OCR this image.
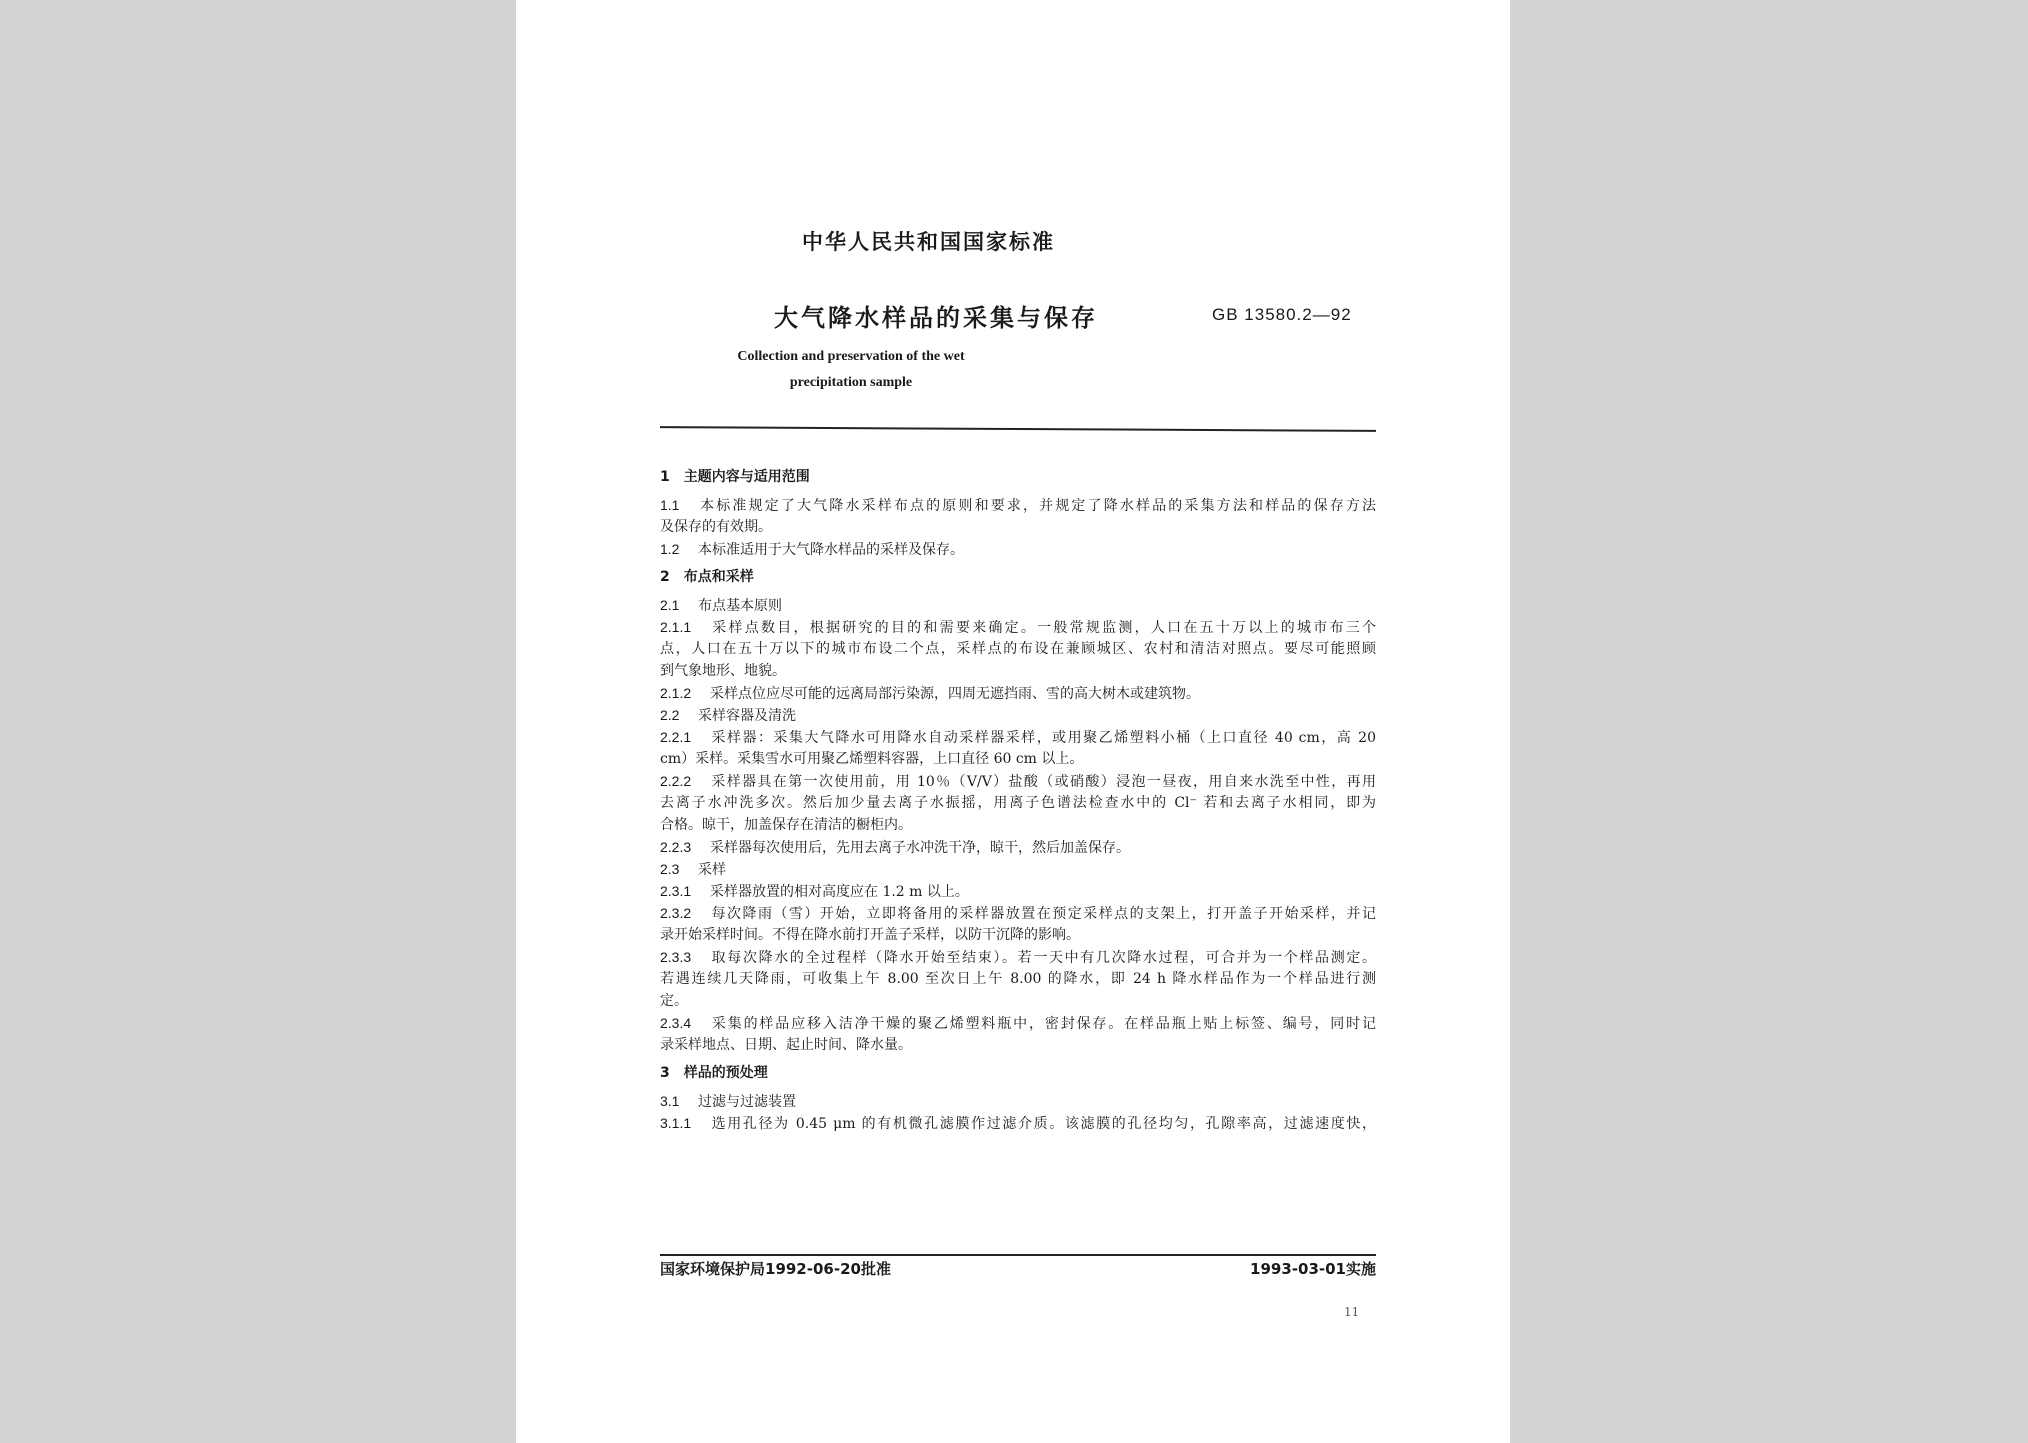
中华人民共和国国家标准
大气降水样品的采集与保存	GB 13580.2—92
Collection and preservation of the wet precipitation sample
1　主题内容与适用范围
1.1 本标准规定了大气降水采样布点的原则和要求，并规定了降水样品的采集方法和样品的保存方法
及保存的有效期。
1.2 本标准适用于大气降水样品的采样及保存。
2　布点和采样
2.1 布点基本原则
2.1.1 采样点数目，根据研究的目的和需要来确定。一般常规监测，人口在五十万以上的城市布三个
点，人口在五十万以下的城市布设二个点，采样点的布设在兼顾城区、农村和清洁对照点。要尽可能照顾
到气象地形、地貌。
2.1.2 采样点位应尽可能的远离局部污染源，四周无遮挡雨、雪的高大树木或建筑物。
2.2 采样容器及清洗
2.2.1 采样器：采集大气降水可用降水自动采样器采样，或用聚乙烯塑料小桶（上口直径 40 cm，高 20
cm）采样。采集雪水可用聚乙烯塑料容器，上口直径 60 cm 以上。
2.2.2 采样器具在第一次使用前，用 10％（V/V）盐酸（或硝酸）浸泡一昼夜，用自来水洗至中性，再用
去离子水冲洗多次。然后加少量去离子水振摇，用离子色谱法检查水中的 Cl⁻ 若和去离子水相同，即为
合格。晾干，加盖保存在清洁的橱柜内。
2.2.3 采样器每次使用后，先用去离子水冲洗干净，晾干，然后加盖保存。
2.3 采样
2.3.1 采样器放置的相对高度应在 1.2 m 以上。
2.3.2 每次降雨（雪）开始，立即将备用的采样器放置在预定采样点的支架上，打开盖子开始采样，并记
录开始采样时间。不得在降水前打开盖子采样，以防干沉降的影响。
2.3.3 取每次降水的全过程样（降水开始至结束）。若一天中有几次降水过程，可合并为一个样品测定。
若遇连续几天降雨，可收集上午 8.00 至次日上午 8.00 的降水，即 24 h 降水样品作为一个样品进行测
定。
2.3.4 采集的样品应移入洁净干燥的聚乙烯塑料瓶中，密封保存。在样品瓶上贴上标签、编号，同时记
录采样地点、日期、起止时间、降水量。
3　样品的预处理
3.1 过滤与过滤装置
3.1.1 选用孔径为 0.45 μm 的有机微孔滤膜作过滤介质。该滤膜的孔径均匀，孔隙率高，过滤速度快，
国家环境保护局1992-06-20批准	1993-03-01实施
11
